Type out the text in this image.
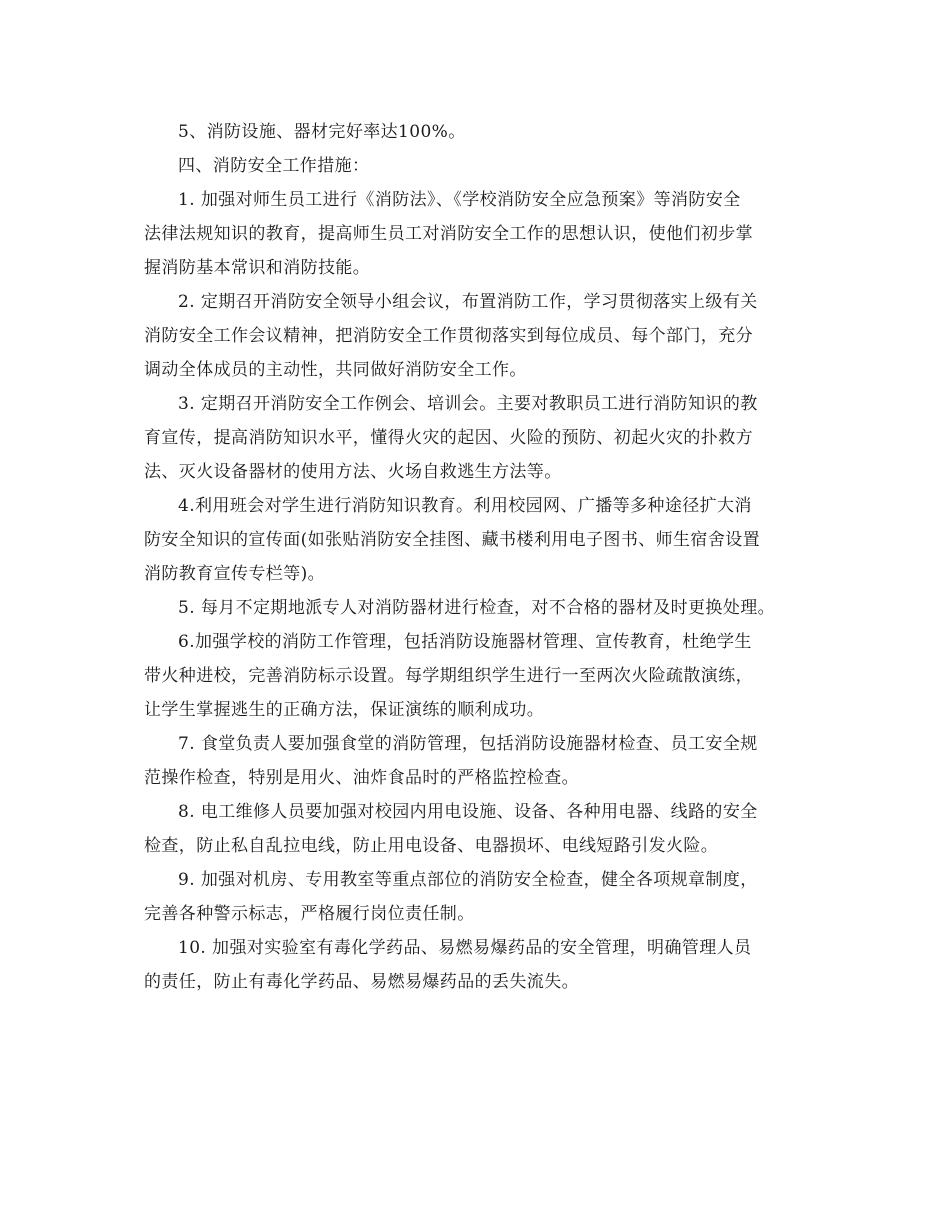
5、消防设施、器材完好率达100%。

四、消防安全工作措施：

1. 加强对师生员工进行《消防法》、《学校消防安全应急预案》等消防安全
法律法规知识的教育，提高师生员工对消防安全工作的思想认识，使他们初步掌
握消防基本常识和消防技能。

2. 定期召开消防安全领导小组会议，布置消防工作，学习贯彻落实上级有关
消防安全工作会议精神，把消防安全工作贯彻落实到每位成员、每个部门，充分
调动全体成员的主动性，共同做好消防安全工作。

3. 定期召开消防安全工作例会、培训会。主要对教职员工进行消防知识的教
育宣传，提高消防知识水平，懂得火灾的起因、火险的预防、初起火灾的扑救方
法、灭火设备器材的使用方法、火场自救逃生方法等。

4.利用班会对学生进行消防知识教育。利用校园网、广播等多种途径扩大消
防安全知识的宣传面(如张贴消防安全挂图、藏书楼利用电子图书、师生宿舍设置
消防教育宣传专栏等)。

5. 每月不定期地派专人对消防器材进行检查，对不合格的器材及时更换处理。

6.加强学校的消防工作管理，包括消防设施器材管理、宣传教育，杜绝学生
带火种进校，完善消防标示设置。每学期组织学生进行一至两次火险疏散演练，
让学生掌握逃生的正确方法，保证演练的顺利成功。

7. 食堂负责人要加强食堂的消防管理，包括消防设施器材检查、员工安全规
范操作检查，特别是用火、油炸食品时的严格监控检查。

8. 电工维修人员要加强对校园内用电设施、设备、各种用电器、线路的安全
检查，防止私自乱拉电线，防止用电设备、电器损坏、电线短路引发火险。

9. 加强对机房、专用教室等重点部位的消防安全检查，健全各项规章制度，
完善各种警示标志，严格履行岗位责任制。

10. 加强对实验室有毒化学药品、易燃易爆药品的安全管理，明确管理人员
的责任，防止有毒化学药品、易燃易爆药品的丢失流失。
